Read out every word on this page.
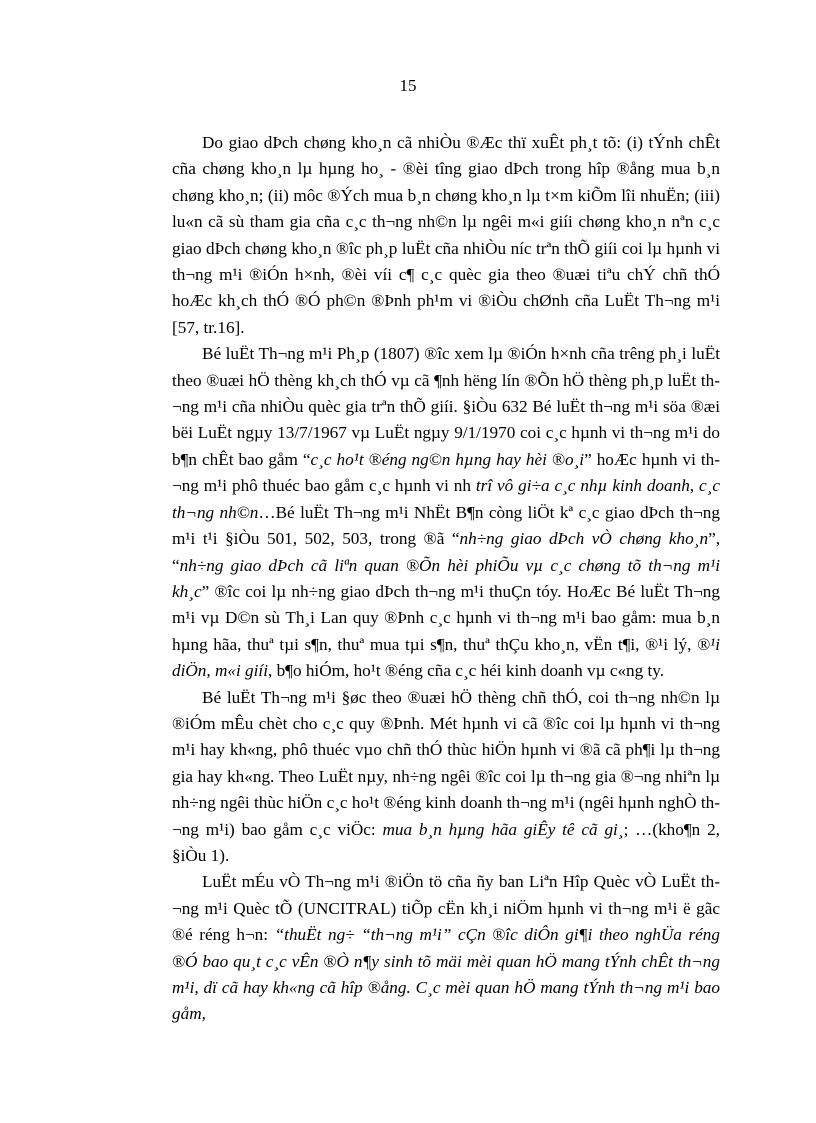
15

Do giao dÞch chøng kho¸n cã nhiÒu ®Æc thï xuÊt ph¸t tõ: (i) tÝnh chÊt cña chøng kho¸n lµ hµng ho¸ - ®èi tîng giao dÞch trong hîp ®ång mua b¸n chøng kho¸n; (ii) môc ®Ých mua b¸n chøng kho¸n lµ t×m kiÕm lîi nhuËn; (iii) lu«n cã sù tham gia cña c¸c th¬ng nh©n lµ ngêi m«i giíi chøng kho¸n nªn c¸c giao dÞch chøng kho¸n ®îc ph¸p luËt cña nhiÒu níc trªn thÕ giíi coi lµ hµnh vi th¬ng m¹i ®iÓn h×nh, ®èi víi c¶ c¸c quèc gia theo ®uæi tiªu chÝ chñ thÓ hoÆc kh¸ch thÓ ®Ó ph©n ®Þnh ph¹m vi ®iÒu chØnh cña LuËt Th¬ng m¹i [57, tr.16].

Bé luËt Th¬ng m¹i Ph¸p (1807) ®îc xem lµ ®iÓn h×nh cña trêng ph¸i luËt theo ®uæi hÖ thèng kh¸ch thÓ vµ cã ¶nh hëng lín ®Õn hÖ thèng ph¸p luËt th¬ng m¹i cña nhiÒu quèc gia trªn thÕ giíi. §iÒu 632 Bé luËt th¬ng m¹i söa ®æi bëi LuËt ngµy 13/7/1967 vµ LuËt ngµy 9/1/1970 coi c¸c hµnh vi th¬ng m¹i do b¶n chÊt bao gåm “c¸c ho¹t ®éng ng©n hµng hay hèi ®o¸i” hoÆc hµnh vi th¬ng m¹i phô thuéc bao gåm c¸c hµnh vi nh trî vô gi÷a c¸c nhµ kinh doanh, c¸c th¬ng nh©n…Bé luËt Th¬ng m¹i NhËt B¶n còng liÖt kª c¸c giao dÞch th¬ng m¹i t¹i §iÒu 501, 502, 503, trong ®ã “nh÷ng giao dÞch vÒ chøng kho¸n”, “nh÷ng giao dÞch cã liªn quan ®Õn hèi phiÕu vµ c¸c chøng tõ th¬ng m¹i kh¸c” ®îc coi lµ nh÷ng giao dÞch th¬ng m¹i thuÇn tóy. HoÆc Bé luËt Th¬ng m¹i vµ D©n sù Th¸i Lan quy ®Þnh c¸c hµnh vi th¬ng m¹i bao gåm: mua b¸n hµng hãa, thuª tµi s¶n, thuª mua tµi s¶n, thuª thÇu kho¸n, vËn t¶i, ®¹i lý, ®¹i diÖn, m«i giíi, b¶o hiÓm, ho¹t ®éng cña c¸c héi kinh doanh vµ c«ng ty.

Bé luËt Th¬ng m¹i §øc theo ®uæi hÖ thèng chñ thÓ, coi th¬ng nh©n lµ ®iÓm mÊu chèt cho c¸c quy ®Þnh. Mét hµnh vi cã ®îc coi lµ hµnh vi th¬ng m¹i hay kh«ng, phô thuéc vµo chñ thÓ thùc hiÖn hµnh vi ®ã cã ph¶i lµ th¬ng gia hay kh«ng. Theo LuËt nµy, nh÷ng ngêi ®îc coi lµ th¬ng gia ®¬ng nhiªn lµ nh÷ng ngêi thùc hiÖn c¸c ho¹t ®éng kinh doanh th¬ng m¹i (ngêi hµnh nghÒ th¬ng m¹i) bao gåm c¸c viÖc: mua b¸n hµng hãa giÊy tê cã gi¸; …(kho¶n 2, §iÒu 1).

LuËt mÉu vÒ Th¬ng m¹i ®iÖn tö cña ñy ban Liªn Hîp Quèc vÒ LuËt th¬ng m¹i Quèc tÕ (UNCITRAL) tiÕp cËn kh¸i niÖm hµnh vi th¬ng m¹i ë gãc ®é réng h¬n: “thuËt ng÷ “th¬ng m¹i” cÇn ®îc diÔn gi¶i theo nghÜa réng ®Ó bao qu¸t c¸c vÊn ®Ò n¶y sinh tõ mäi mèi quan hÖ mang tÝnh chÊt th¬ng m¹i, dï cã hay kh«ng cã hîp ®ång. C¸c mèi quan hÖ mang tÝnh th¬ng m¹i bao gåm,
